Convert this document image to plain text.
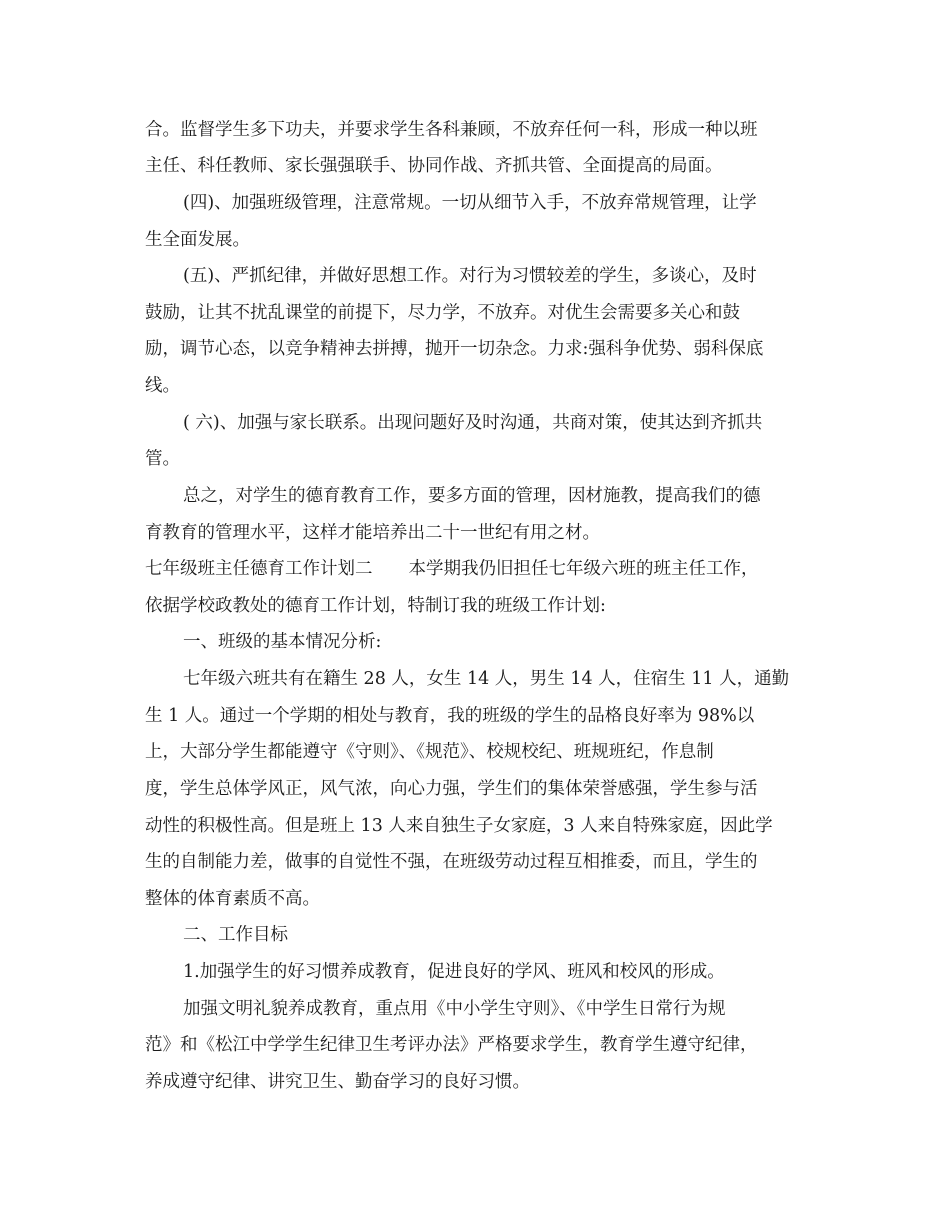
合。监督学生多下功夫，并要求学生各科兼顾，不放弃任何一科，形成一种以班

主任、科任教师、家长强强联手、协同作战、齐抓共管、全面提高的局面。

(四)、加强班级管理，注意常规。一切从细节入手，不放弃常规管理，让学

生全面发展。

(五)、严抓纪律，并做好思想工作。对行为习惯较差的学生，多谈心，及时

鼓励，让其不扰乱课堂的前提下，尽力学，不放弃。对优生会需要多关心和鼓

励，调节心态，以竞争精神去拼搏，抛开一切杂念。力求:强科争优势、弱科保底

线。

( 六)、加强与家长联系。出现问题好及时沟通，共商对策，使其达到齐抓共

管。

总之，对学生的德育教育工作，要多方面的管理，因材施教，提高我们的德

育教育的管理水平，这样才能培养出二十一世纪有用之材。

七年级班主任德育工作计划二 本学期我仍旧担任七年级六班的班主任工作，

依据学校政教处的德育工作计划，特制订我的班级工作计划:

一、班级的基本情况分析:

七年级六班共有在籍生 28 人，女生 14 人，男生 14 人，住宿生 11 人，通勤

生 1 人。通过一个学期的相处与教育，我的班级的学生的品格良好率为 98%以

上，大部分学生都能遵守《守则》、《规范》、校规校纪、班规班纪，作息制

度，学生总体学风正，风气浓，向心力强，学生们的集体荣誉感强，学生参与活

动性的积极性高。但是班上 13 人来自独生子女家庭，3 人来自特殊家庭，因此学

生的自制能力差，做事的自觉性不强，在班级劳动过程互相推委，而且，学生的

整体的体育素质不高。

二、工作目标

1.加强学生的好习惯养成教育，促进良好的学风、班风和校风的形成。

加强文明礼貌养成教育，重点用《中小学生守则》、《中学生日常行为规

范》和《松江中学学生纪律卫生考评办法》严格要求学生，教育学生遵守纪律，

养成遵守纪律、讲究卫生、勤奋学习的良好习惯。
